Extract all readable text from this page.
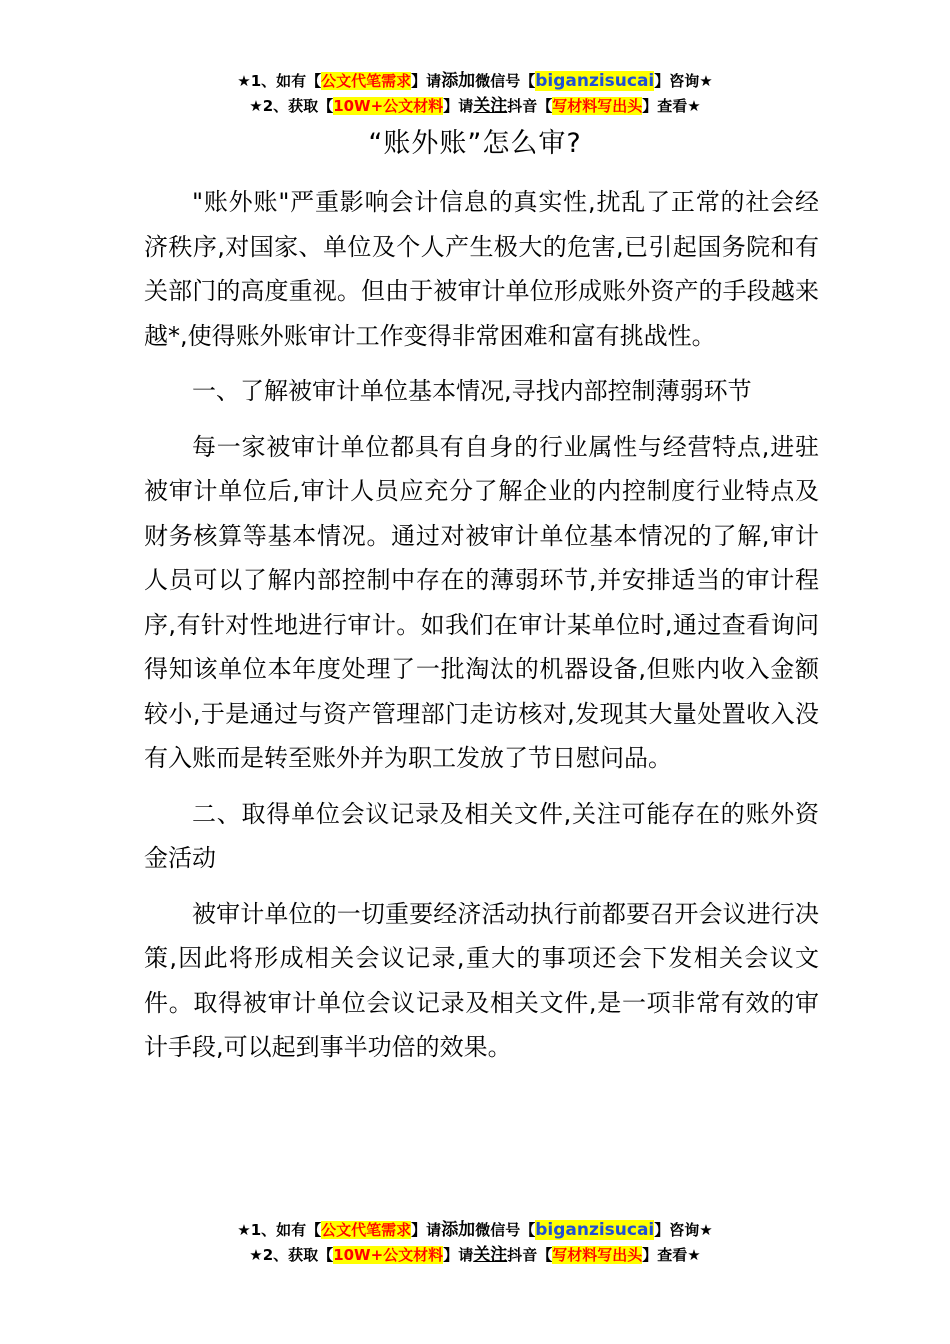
★1、如有【公文代笔需求】请添加微信号【biganzisucai】咨询★
★2、获取【10W+公文材料】请关注抖音【写材料写出头】查看★
“账外账”怎么审?

"账外账"严重影响会计信息的真实性,扰乱了正常的社会经济秩序,对国家、单位及个人产生极大的危害,已引起国务院和有关部门的高度重视。但由于被审计单位形成账外资产的手段越来越*,使得账外账审计工作变得非常困难和富有挑战性。

一、了解被审计单位基本情况,寻找内部控制薄弱环节

每一家被审计单位都具有自身的行业属性与经营特点,进驻被审计单位后,审计人员应充分了解企业的内控制度行业特点及财务核算等基本情况。通过对被审计单位基本情况的了解,审计人员可以了解内部控制中存在的薄弱环节,并安排适当的审计程序,有针对性地进行审计。如我们在审计某单位时,通过查看询问得知该单位本年度处理了一批淘汰的机器设备,但账内收入金额较小,于是通过与资产管理部门走访核对,发现其大量处置收入没有入账而是转至账外并为职工发放了节日慰问品。

二、取得单位会议记录及相关文件,关注可能存在的账外资金活动

被审计单位的一切重要经济活动执行前都要召开会议进行决策,因此将形成相关会议记录,重大的事项还会下发相关会议文件。取得被审计单位会议记录及相关文件,是一项非常有效的审计手段,可以起到事半功倍的效果。

★1、如有【公文代笔需求】请添加微信号【biganzisucai】咨询★
★2、获取【10W+公文材料】请关注抖音【写材料写出头】查看★
